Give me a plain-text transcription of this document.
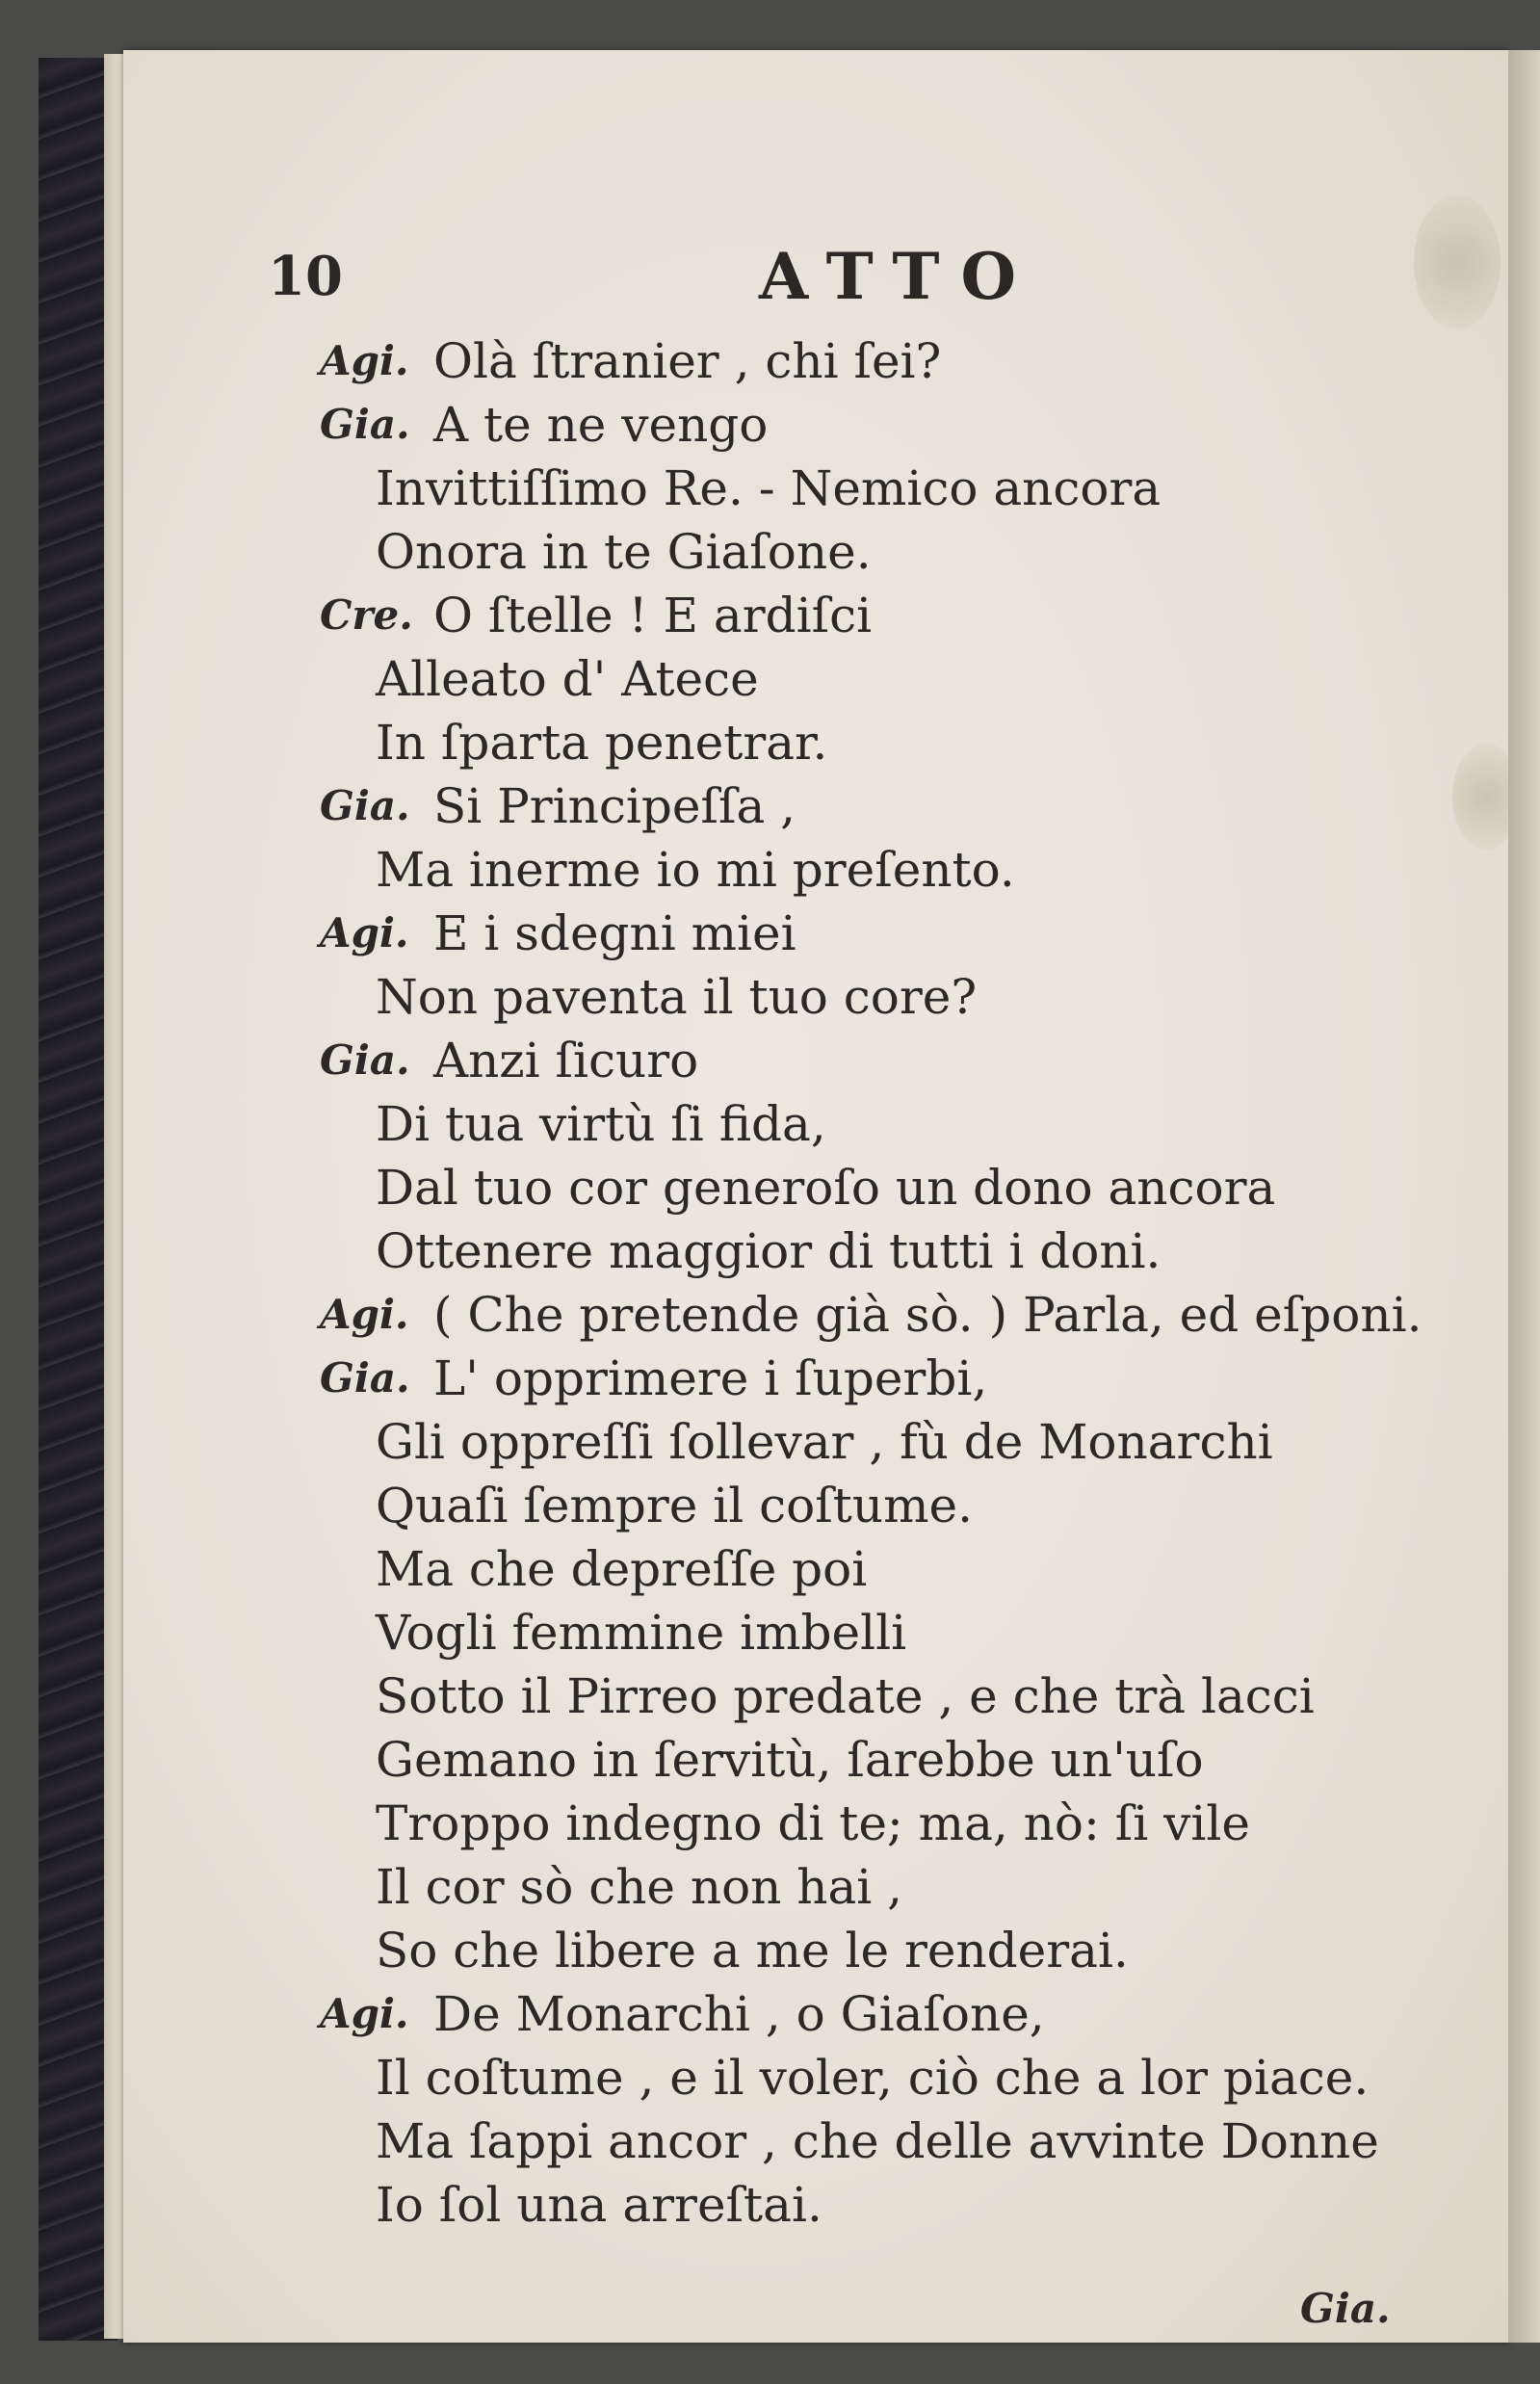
10	ATTO
Agi. Olà ſtranier , chi ſei?
Gia. A te ne vengo
Invittiſſimo Re. - Nemico ancora
Onora in te Giaſone.
Cre. O ſtelle ! E ardiſci
Alleato d' Atece
In ſparta penetrar.
Gia. Si Principeſſa ,
Ma inerme io mi preſento.
Agi. E i sdegni miei
Non paventa il tuo core?
Gia. Anzi ſicuro
Di tua virtù ſi fida,
Dal tuo cor generoſo un dono ancora
Ottenere maggior di tutti i doni.
Agi. ( Che pretende già sò. ) Parla, ed eſponi.
Gia. L' opprimere i ſuperbi,
Gli oppreſſi ſollevar , fù de Monarchi
Quaſi ſempre il coſtume.
Ma che depreſſe poi
Vogli femmine imbelli
Sotto il Pirreo predate , e che trà lacci
Gemano in ſervitù, ſarebbe un'uſo
Troppo indegno di te; ma, nò: ſi vile
Il cor sò che non hai ,
So che libere a me le renderai.
Agi. De Monarchi , o Giaſone,
Il coſtume , e il voler, ciò che a lor piace.
Ma ſappi ancor , che delle avvinte Donne
Io ſol una arreſtai.
Gia.
